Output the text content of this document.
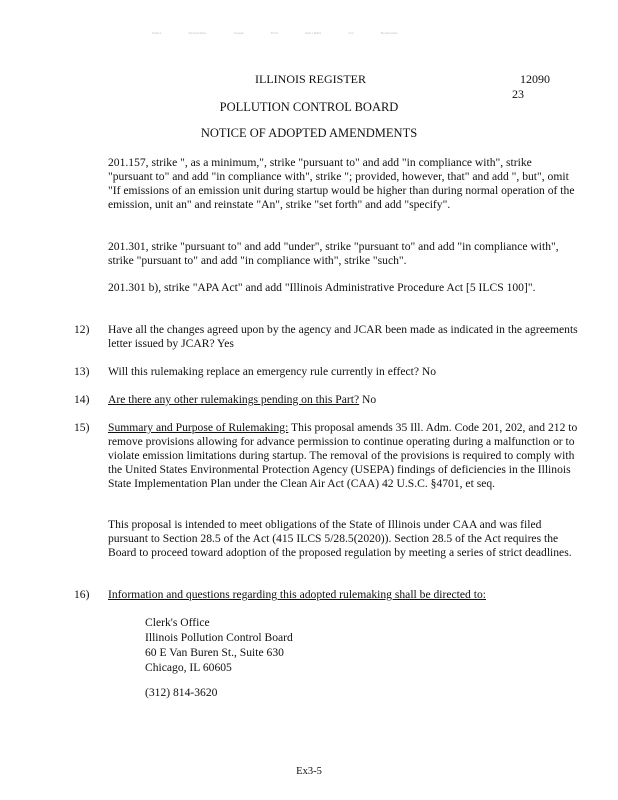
Filters	Personalize	Create	Print	Add / Mark	Cut	Bookmarks
ILLINOIS REGISTER	12090
23
POLLUTION CONTROL BOARD
NOTICE OF ADOPTED AMENDMENTS

201.157, strike ", as a minimum,", strike "pursuant to" and add "in compliance with", strike "pursuant to" and add "in compliance with", strike "; provided, however, that" and add ", but", omit "If emissions of an emission unit during startup would be higher than during normal operation of the emission, unit an" and reinstate "An", strike "set forth" and add "specify".

201.301, strike "pursuant to" and add "under", strike "pursuant to" and add "in compliance with", strike "pursuant to" and add "in compliance with", strike "such".

201.301 b), strike "APA Act" and add "Illinois Administrative Procedure Act [5 ILCS 100]".

12) Have all the changes agreed upon by the agency and JCAR been made as indicated in the agreements letter issued by JCAR? Yes

13) Will this rulemaking replace an emergency rule currently in effect? No

14) Are there any other rulemakings pending on this Part? No

15) Summary and Purpose of Rulemaking: This proposal amends 35 Ill. Adm. Code 201, 202, and 212 to remove provisions allowing for advance permission to continue operating during a malfunction or to violate emission limitations during startup. The removal of the provisions is required to comply with the United States Environmental Protection Agency (USEPA) findings of deficiencies in the Illinois State Implementation Plan under the Clean Air Act (CAA) 42 U.S.C. §4701, et seq.

This proposal is intended to meet obligations of the State of Illinois under CAA and was filed pursuant to Section 28.5 of the Act (415 ILCS 5/28.5(2020)). Section 28.5 of the Act requires the Board to proceed toward adoption of the proposed regulation by meeting a series of strict deadlines.

16) Information and questions regarding this adopted rulemaking shall be directed to:

Clerk's Office
Illinois Pollution Control Board
60 E Van Buren St., Suite 630
Chicago, IL 60605
(312) 814-3620
Ex3-5
